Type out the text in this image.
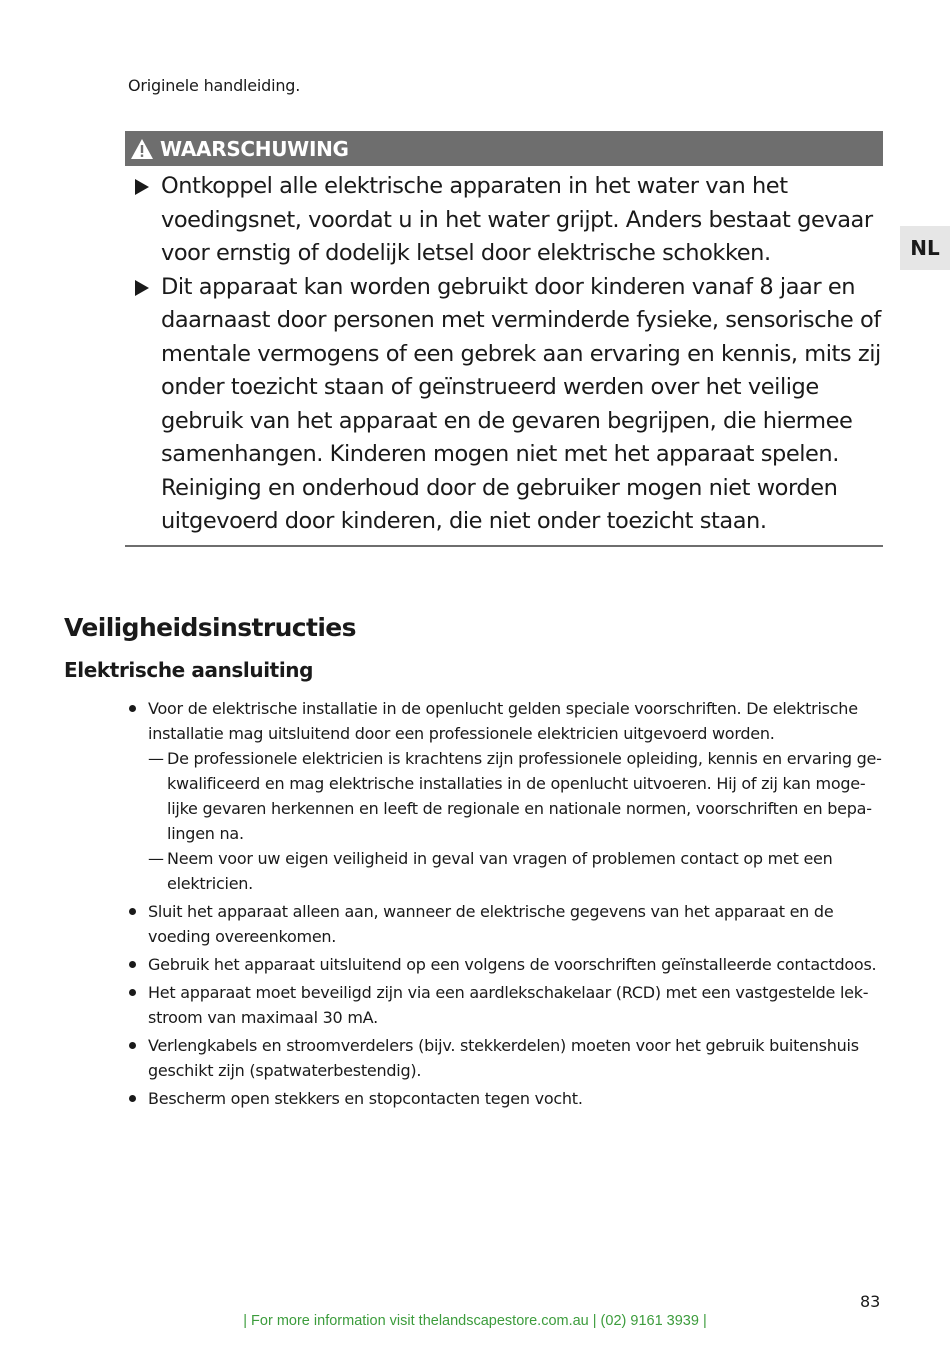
Originele handleiding.
WAARSCHUWING
Ontkoppel alle elektrische apparaten in het water van het voedingsnet, voordat u in het water grijpt. Anders bestaat gevaar voor ernstig of dodelijk letsel door elektrische schokken.
Dit apparaat kan worden gebruikt door kinderen vanaf 8 jaar en daarnaast door personen met verminderde fysieke, sensorische of mentale vermogens of een gebrek aan ervaring en kennis, mits zij onder toezicht staan of geïnstrueerd werden over het veilige gebruik van het apparaat en de gevaren begrijpen, die hiermee samenhangen. Kinderen mogen niet met het apparaat spelen. Reiniging en onderhoud door de gebruiker mogen niet worden uitgevoerd door kinderen, die niet onder toezicht staan.
NL
Veiligheidsinstructies
Elektrische aansluiting
Voor de elektrische installatie in de openlucht gelden speciale voorschriften. De elektrische installatie mag uitsluitend door een professionele elektricien uitgevoerd worden.
— De professionele elektricien is krachtens zijn professionele opleiding, kennis en ervaring gekwalificeerd en mag elektrische installaties in de openlucht uitvoeren. Hij of zij kan mogelijke gevaren herkennen en leeft de regionale en nationale normen, voorschriften en bepalingen na.
— Neem voor uw eigen veiligheid in geval van vragen of problemen contact op met een elektricien.
Sluit het apparaat alleen aan, wanneer de elektrische gegevens van het apparaat en de voeding overeenkomen.
Gebruik het apparaat uitsluitend op een volgens de voorschriften geïnstalleerde contactdoos.
Het apparaat moet beveiligd zijn via een aardlekschakelaar (RCD) met een vastgestelde lekstroom van maximaal 30 mA.
Verlengkabels en stroomverdelers (bijv. stekkerdelen) moeten voor het gebruik buitenshuis geschikt zijn (spatwaterbestendig).
Bescherm open stekkers en stopcontacten tegen vocht.
83
| For more information visit thelandscapestore.com.au | (02) 9161 3939 |
